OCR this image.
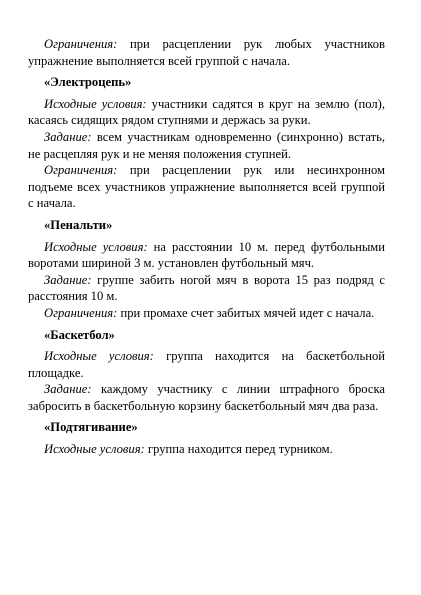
Ограничения: при расцеплении рук любых участников упражнение выполняется всей группой с начала.

«Электроцепь»

Исходные условия: участники садятся в круг на землю (пол), касаясь сидящих рядом ступнями и держась за руки.

Задание: всем участникам одновременно (синхронно) встать, не расцепляя рук и не меняя положения ступней.

Ограничения: при расцеплении рук или несинхронном подъеме всех участников упражнение выполняется всей группой с начала.

«Пенальти»

Исходные условия: на расстоянии 10 м. перед футбольными воротами шириной 3 м. установлен футбольный мяч.

Задание: группе забить ногой мяч в ворота 15 раз подряд с расстояния 10 м.

Ограничения: при промахе счет забитых мячей идет с начала.

«Баскетбол»

Исходные условия: группа находится на баскетбольной площадке.

Задание: каждому участнику с линии штрафного броска забросить в баскетбольную корзину баскетбольный мяч два раза.

«Подтягивание»

Исходные условия: группа находится перед турником.
